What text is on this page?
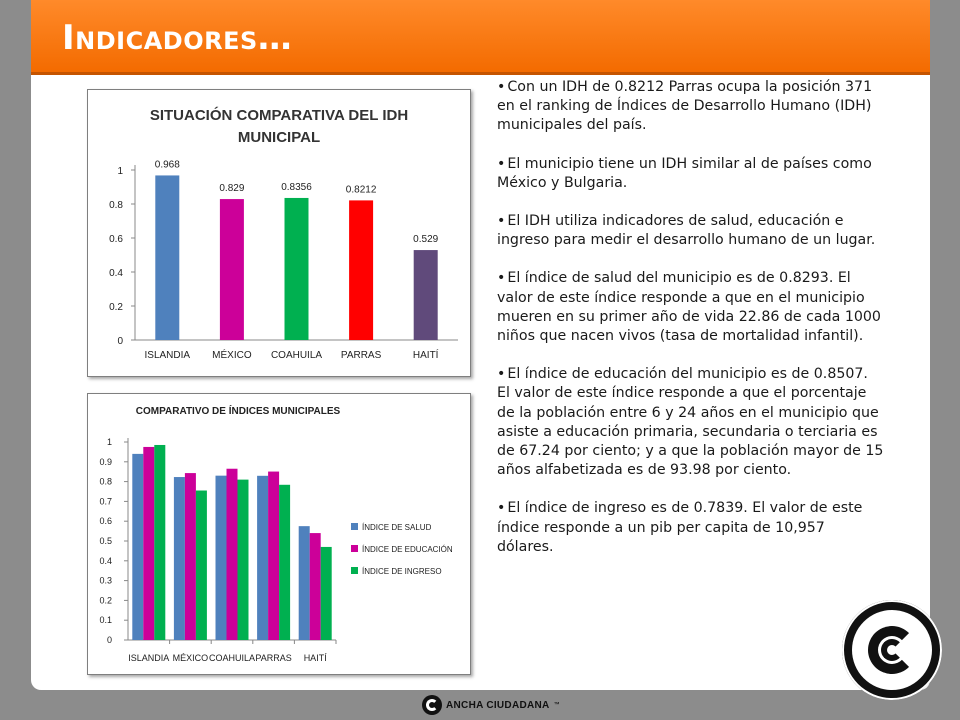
Indicadores…
SITUACIÓN COMPARATIVA DEL IDH
MUNICIPAL
0
0.2
0.4
0.6
0.8
1
0.968
ISLANDIA
0.829
MÉXICO
0.8356
COAHUILA
0.8212
PARRAS
0.529
HAITÍ
COMPARATIVO DE ÍNDICES MUNICIPALES
0
0.1
0.2
0.3
0.4
0.5
0.6
0.7
0.8
0.9
1
ISLANDIA MÉXICO COAHUILA PARRAS HAITÍ
ÍNDICE DE SALUD
ÍNDICE DE EDUCACIÓN
ÍNDICE DE INGRESO
• Con un IDH de 0.8212 Parras ocupa la posición 371 en el ranking de Índices de Desarrollo Humano (IDH) municipales del país.
• El municipio tiene un IDH similar al de países como México y Bulgaria.
• El IDH utiliza indicadores de salud, educación e ingreso para medir el desarrollo humano de un lugar.
• El índice de salud del municipio es de 0.8293. El valor de este índice responde a que en el municipio mueren en su primer año de vida 22.86 de cada 1000 niños que nacen vivos (tasa de mortalidad infantil).
• El índice de educación del municipio es de 0.8507. El valor de este índice responde a que el porcentaje de la población entre 6 y 24 años en el municipio que asiste a educación primaria, secundaria o terciaria es de 67.24 por ciento; y a que la población mayor de 15 años alfabetizada es de 93.98 por ciento.
• El índice de ingreso es de 0.7839. El valor de este índice responde a un pib per capita de 10,957 dólares.
ANCHA CIUDADANA ™
